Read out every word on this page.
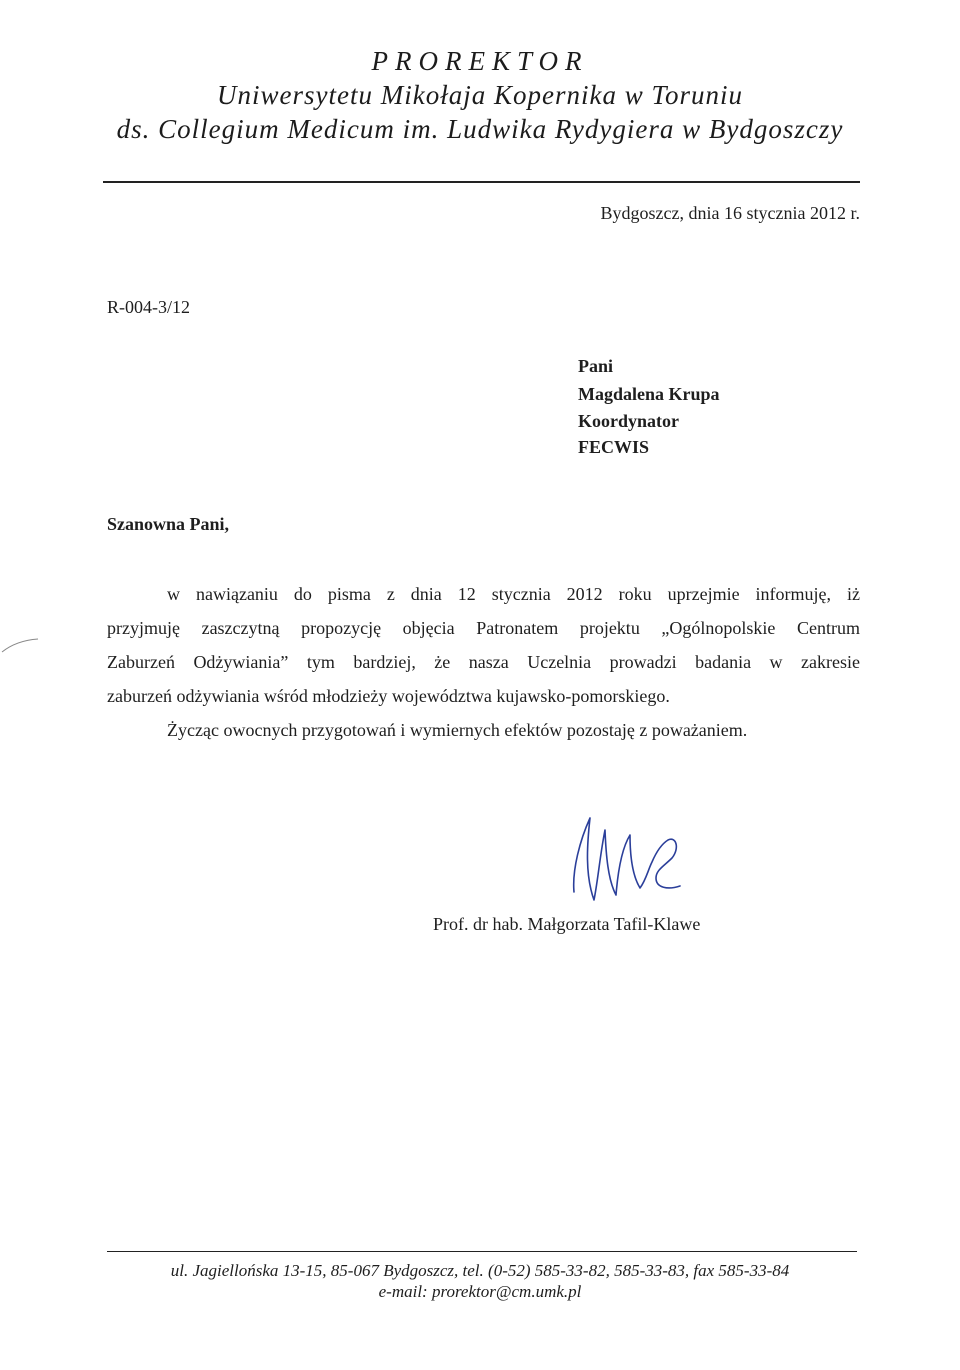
PROREKTOR
Uniwersytetu Mikołaja Kopernika w Toruniu
ds. Collegium Medicum im. Ludwika Rydygiera w Bydgoszczy
Bydgoszcz, dnia 16 stycznia 2012 r.
R-004-3/12
Pani
Magdalena Krupa
Koordynator
FECWIS
Szanowna Pani,
w nawiązaniu do pisma z dnia 12 stycznia 2012 roku uprzejmie informuję, iż
przyjmuję zaszczytną propozycję objęcia Patronatem projektu „Ogólnopolskie Centrum
Zaburzeń Odżywiania” tym bardziej, że nasza Uczelnia prowadzi badania w zakresie
zaburzeń odżywiania wśród młodzieży województwa kujawsko-pomorskiego.
Życząc owocnych przygotowań i wymiernych efektów pozostaję z poważaniem.
Prof. dr hab. Małgorzata Tafil-Klawe
ul. Jagiellońska 13-15, 85-067 Bydgoszcz, tel. (0-52) 585-33-82, 585-33-83, fax 585-33-84
e-mail: prorektor@cm.umk.pl
